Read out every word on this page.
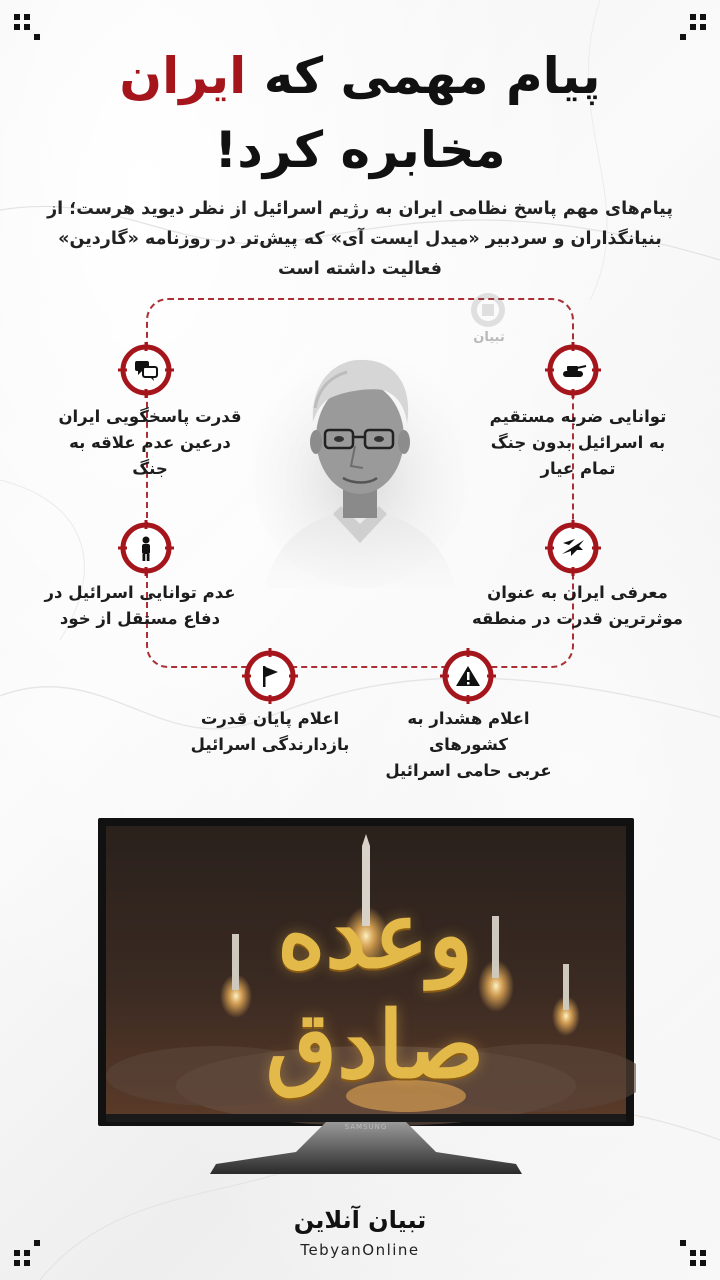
پیام مهمی که ایران
مخابره کرد!
پیام‌های مهم پاسخ نظامی ایران به رژیم اسرائیل از نظر دیوید هرست؛ از
بنیانگذاران و سردبیر «میدل ایست آی» که پیش‌تر در روزنامه «گاردین»
فعالیت داشته است
تبیان
توانایی ضربه مستقیم
به اسرائیل بدون جنگ
تمام عیار
معرفی ایران به عنوان
موثرترین قدرت در منطقه
اعلام هشدار به کشورهای
عربی حامی اسرائیل
اعلام پایان قدرت
بازدارندگی اسرائیل
عدم توانایی اسرائیل در
دفاع مستقل از خود
قدرت پاسخگویی ایران
درعین عدم علاقه به
جنگ
SAMSUNG
وعده
صادق
تبیان آنلاین
TebyanOnline
